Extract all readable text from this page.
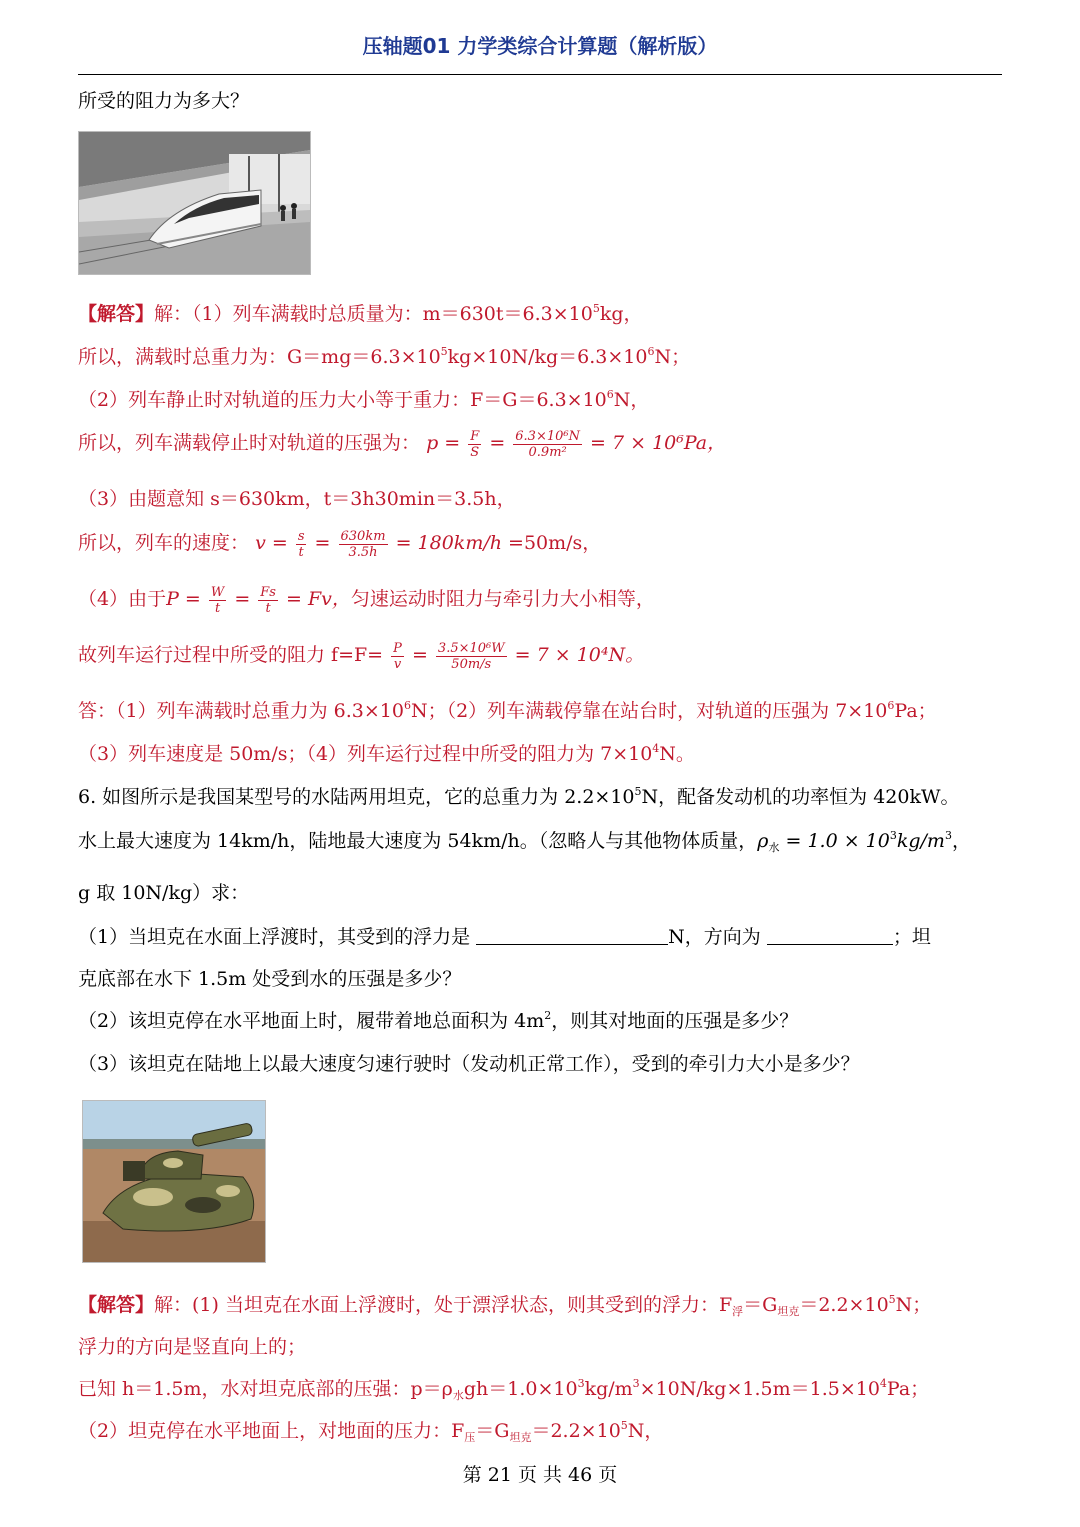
压轴题01 力学类综合计算题（解析版）
所受的阻力为多大？
【解答】解：（1）列车满载时总质量为：$m=630t=6.3\times 10^5kg$，
所以，满载时总重力为：$G=mg=6.3\times 10^5kg\times 10N/kg=6.3\times 10^6N$；
（2）列车静止时对轨道的压力大小等于重力：$F=G=6.3\times 10^6N$，
所以，列车满载停止时对轨道的压强为： $p = \frac{F}{S} = \frac{\text{6.3×10⁶N}}{\text{0.9m²}} = 7 \times 10^6Pa$，
（3）由题意知 s＝630km，t＝3h30min＝3.5h，
所以，列车的速度： $v = \frac{s}{t} = \frac{630km}{3.5h} = 180km/h =50m/s$，
（4）由于$P = \frac{W}{t} = \frac{Fs}{t} = Fv$，匀速运动时阻力与牵引力大小相等，
故列车运行过程中所受的阻力 $f=F= \frac{P}{v} = \frac{\text{3.5×10⁶W}}{50m/s} = 7 \times 10^4N$。
答：（1）列车满载时总重力为 $6.3\times 10^6N$；（2）列车满载停靠在站台时，对轨道的压强为 $7\times 10^6Pa$；
（3）列车速度是 50m/s；（4）列车运行过程中所受的阻力为 $7\times 10^4N$。
6. 如图所示是我国某型号的水陆两用坦克，它的总重力为 $2.2\times 10^5N$，配备发动机的功率恒为 420kW。
水上最大速度为 14km/h，陆地最大速度为 54km/h。（忽略人与其他物体质量，$\rho_水 = 1.0 \times 10^3kg/m^3$，
g 取 10N/kg）求：
（1）当坦克在水面上浮渡时，其受到的浮力是	N，方向为	；坦
克底部在水下 1.5m 处受到水的压强是多少？
（2）该坦克停在水平地面上时，履带着地总面积为 $4m^2$，则其对地面的压强是多少？
（3）该坦克在陆地上以最大速度匀速行驶时（发动机正常工作），受到的牵引力大小是多少？
【解答】解：(1) 当坦克在水面上浮渡时，处于漂浮状态，则其受到的浮力：$F_浮=G_{坦克}=2.2\times 10^5N$；
浮力的方向是竖直向上的；
已知 h＝1.5m，水对坦克底部的压强：$p=\rho_水gh=1.0\times 10^3kg/m^3\times 10N/kg\times 1.5m=1.5\times 10^4Pa$；
（2）坦克停在水平地面上，对地面的压力：$F_压=G_{坦克}=2.2\times 10^5N$，
第 21 页 共 46 页
